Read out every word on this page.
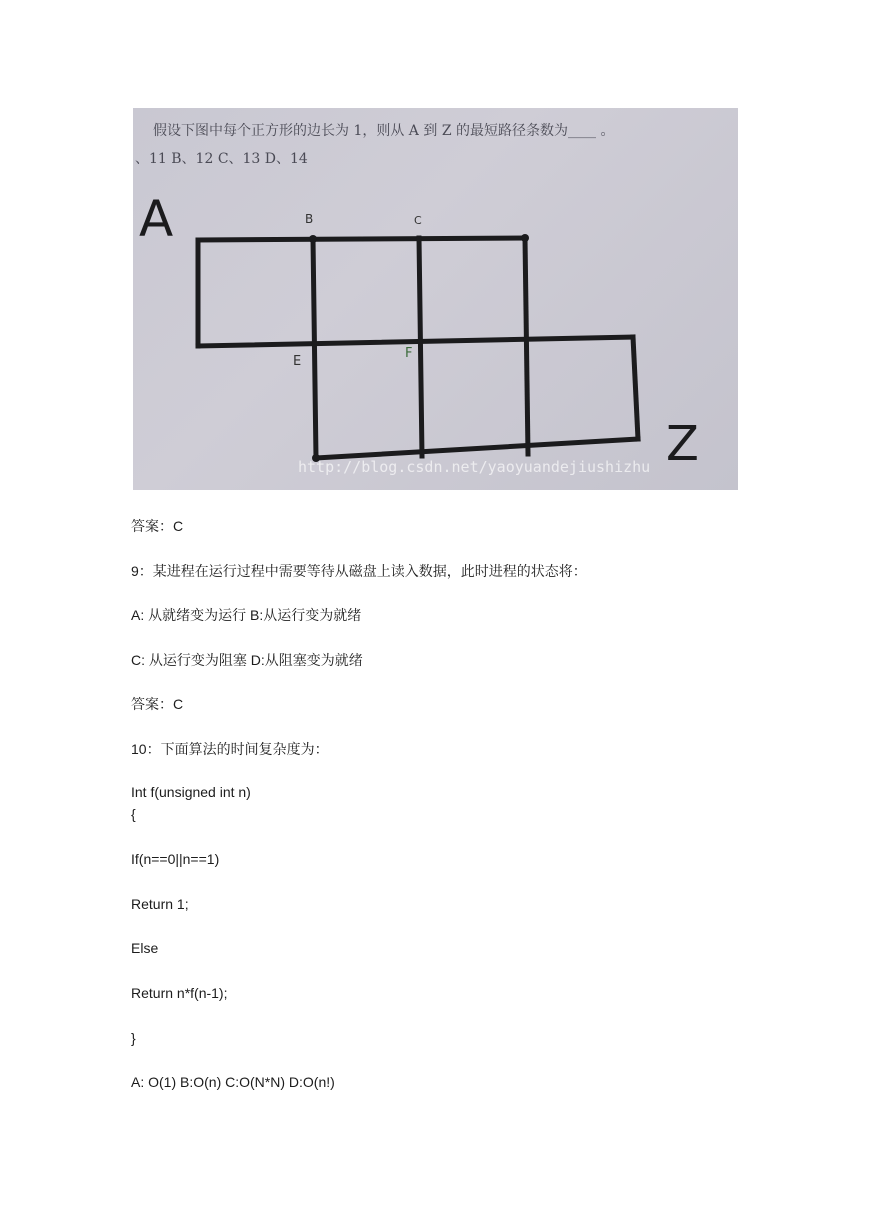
假设下图中每个正方形的边长为 1，则从 A 到 Z 的最短路径条数为____ 。
、11 B、12 C、13 D、14
A
Z
B	C
E
F
http://blog.csdn.net/yaoyuandejiushizhu
答案：C
9：某进程在运行过程中需要等待从磁盘上读入数据，此时进程的状态将：
A: 从就绪变为运行 B:从运行变为就绪
C: 从运行变为阻塞 D:从阻塞变为就绪
答案：C
10：下面算法的时间复杂度为：
Int f(unsigned int n)
{
If(n==0||n==1)
Return 1;
Else
Return n*f(n-1);
}
A: O(1) B:O(n) C:O(N*N) D:O(n!)
